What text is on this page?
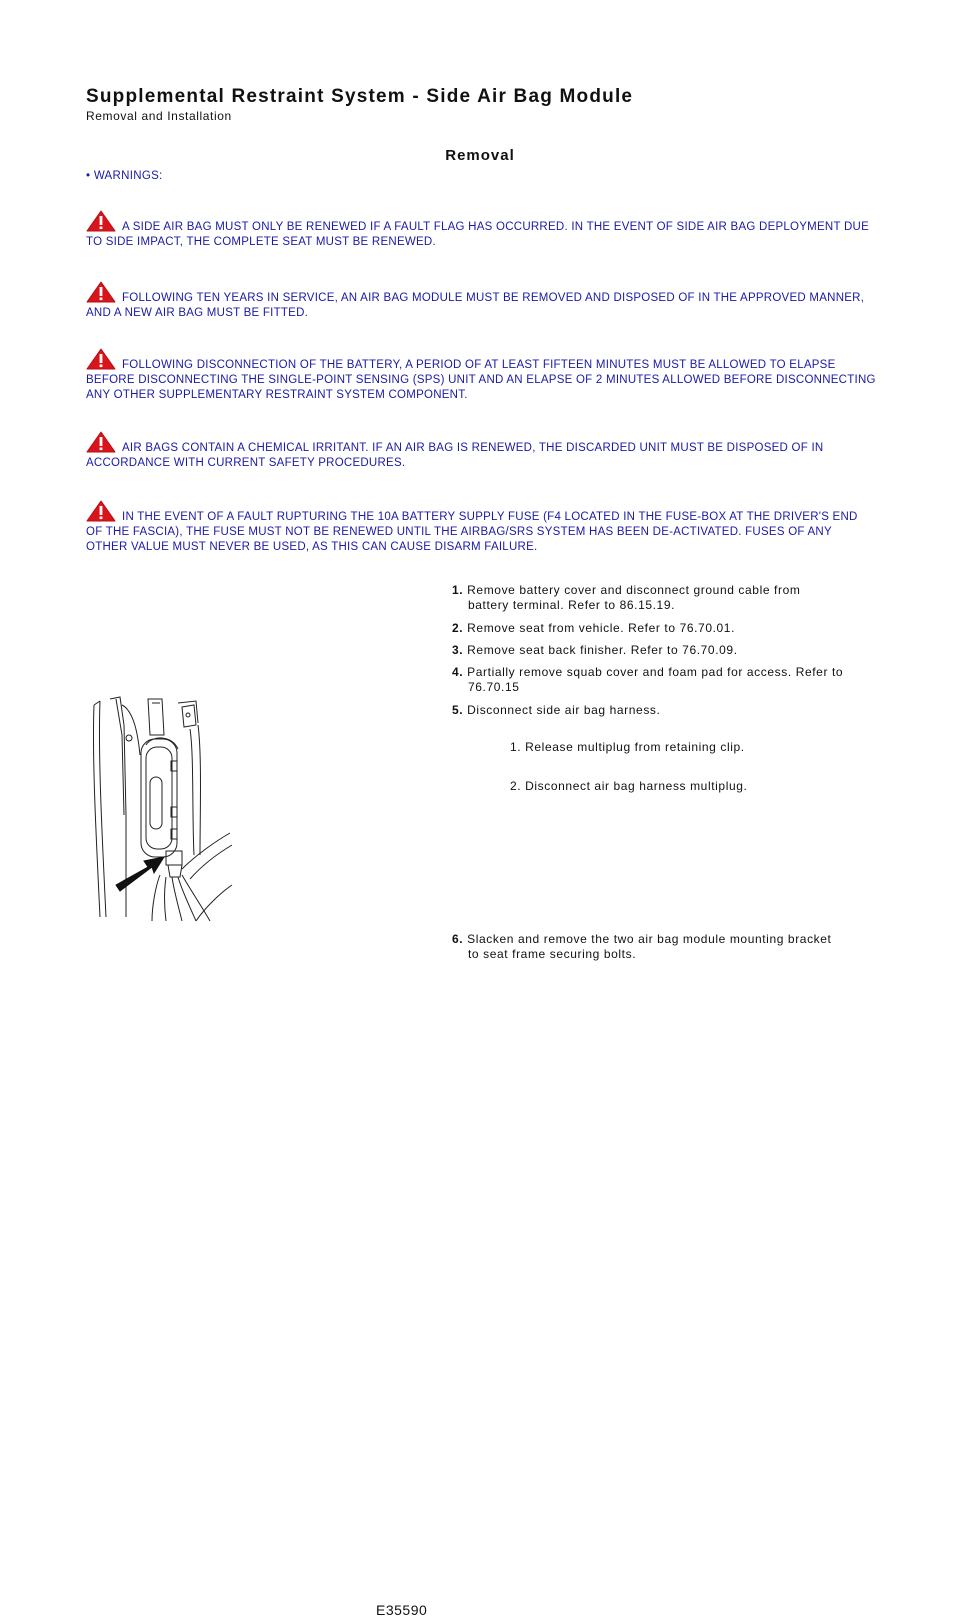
Supplemental Restraint System - Side Air Bag Module
Removal and Installation
Removal
• WARNINGS:
A SIDE AIR BAG MUST ONLY BE RENEWED IF A FAULT FLAG HAS OCCURRED. IN THE EVENT OF SIDE AIR BAG DEPLOYMENT DUE TO SIDE IMPACT, THE COMPLETE SEAT MUST BE RENEWED.
FOLLOWING TEN YEARS IN SERVICE, AN AIR BAG MODULE MUST BE REMOVED AND DISPOSED OF IN THE APPROVED MANNER, AND A NEW AIR BAG MUST BE FITTED.
FOLLOWING DISCONNECTION OF THE BATTERY, A PERIOD OF AT LEAST FIFTEEN MINUTES MUST BE ALLOWED TO ELAPSE BEFORE DISCONNECTING THE SINGLE-POINT SENSING (SPS) UNIT AND AN ELAPSE OF 2 MINUTES ALLOWED BEFORE DISCONNECTING ANY OTHER SUPPLEMENTARY RESTRAINT SYSTEM COMPONENT.
AIR BAGS CONTAIN A CHEMICAL IRRITANT. IF AN AIR BAG IS RENEWED, THE DISCARDED UNIT MUST BE DISPOSED OF IN ACCORDANCE WITH CURRENT SAFETY PROCEDURES.
IN THE EVENT OF A FAULT RUPTURING THE 10A BATTERY SUPPLY FUSE (F4 LOCATED IN THE FUSE-BOX AT THE DRIVER'S END OF THE FASCIA), THE FUSE MUST NOT BE RENEWED UNTIL THE AIRBAG/SRS SYSTEM HAS BEEN DE-ACTIVATED. FUSES OF ANY OTHER VALUE MUST NEVER BE USED, AS THIS CAN CAUSE DISARM FAILURE.
1. Remove battery cover and disconnect ground cable from
battery terminal. Refer to 86.15.19.
2. Remove seat from vehicle. Refer to 76.70.01.
3. Remove seat back finisher. Refer to 76.70.09.
4. Partially remove squab cover and foam pad for access. Refer to
76.70.15
5. Disconnect side air bag harness.
1. Release multiplug from retaining clip.
2. Disconnect air bag harness multiplug.
6. Slacken and remove the two air bag module mounting bracket
to seat frame securing bolts.
E35590
